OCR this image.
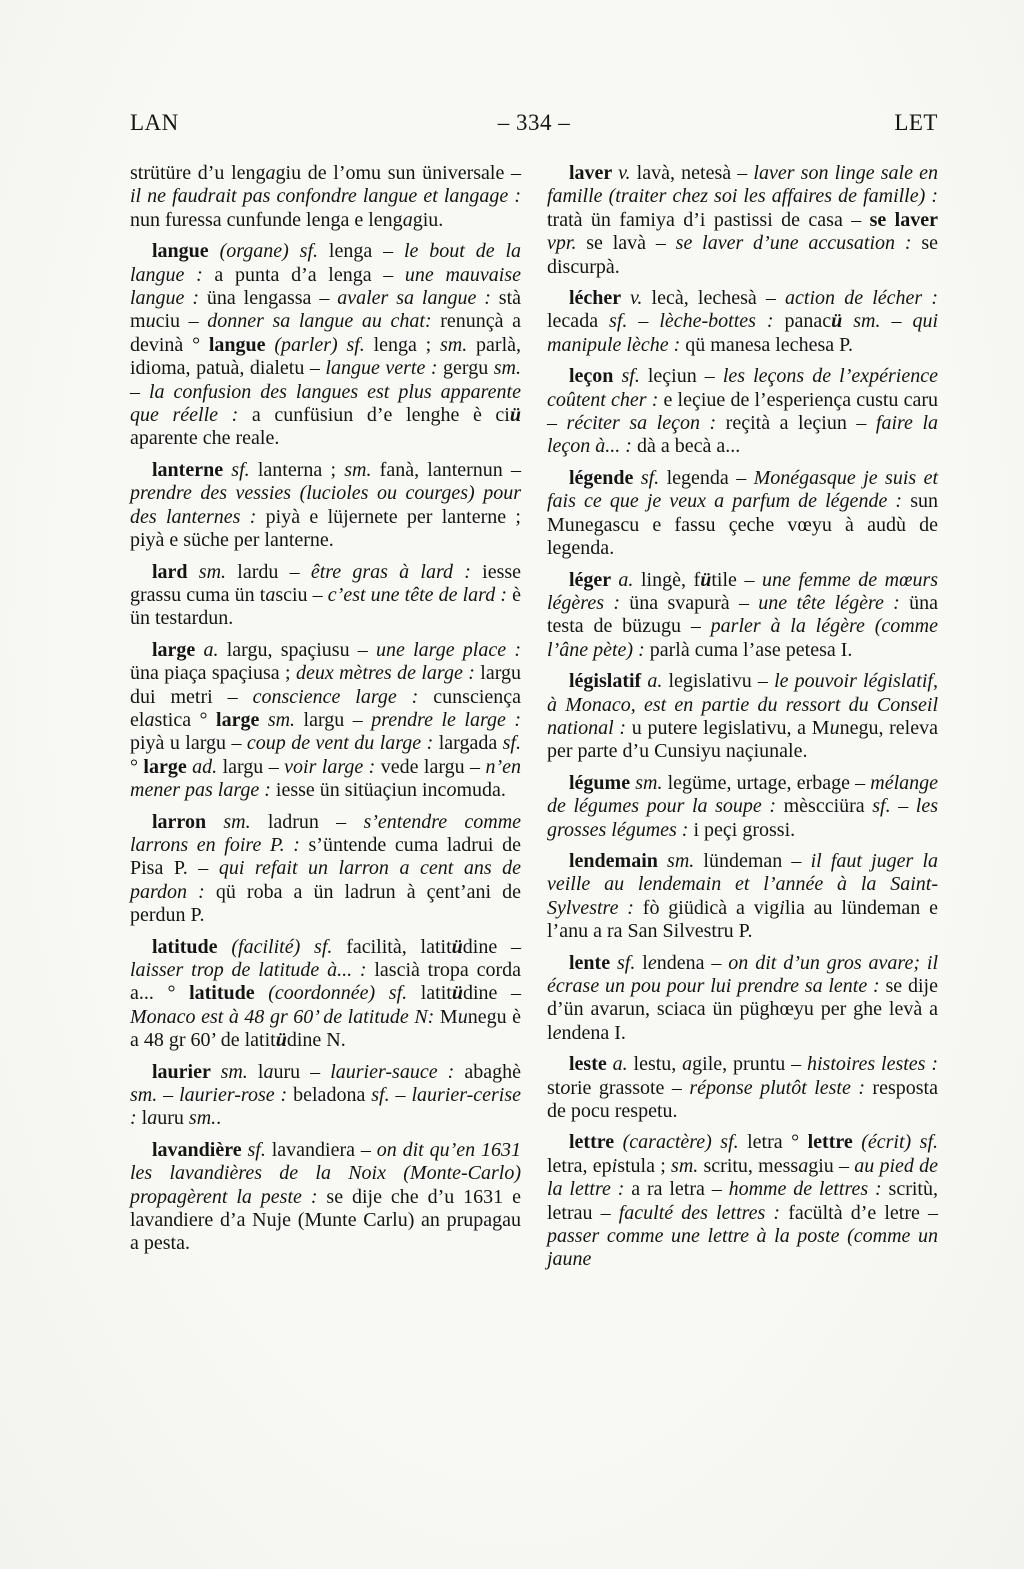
LAN	– 334 –	LET

strütüre d’u lengagiu de l’omu sun üniversale – il ne faudrait pas confondre langue et langage : nun furessa cunfunde lenga e lengagiu.

langue (organe) sf. lenga – le bout de la langue : a punta d’a lenga – une mauvaise langue : üna lengassa – avaler sa langue : stà muciu – donner sa langue au chat: renunçà a devinà ° langue (parler) sf. lenga ; sm. parlà, idioma, patuà, dialetu – langue verte : gergu sm. – la confusion des langues est plus apparente que réelle : a cunfüsiun d’e lenghe è ciü aparente che reale.

lanterne sf. lanterna ; sm. fanà, lanternun – prendre des vessies (lucioles ou courges) pour des lanternes : piyà e lüjernete per lanterne ; piyà e süche per lanterne.

lard sm. lardu – être gras à lard : iesse grassu cuma ün tasciu – c’est une tête de lard : è ün testardun.

large a. largu, spaçiusu – une large place : üna piaça spaçiusa ; deux mètres de large : largu dui metri – conscience large : cunsciença elastica ° large sm. largu – prendre le large : piyà u largu – coup de vent du large : largada sf. ° large ad. largu – voir large : vede largu – n’en mener pas large : iesse ün sitüaçiun incomuda.

larron sm. ladrun – s’entendre comme larrons en foire P. : s’üntende cuma ladrui de Pisa P. – qui refait un larron a cent ans de pardon : qü roba a ün ladrun à çent’ani de perdun P.

latitude (facilité) sf. facilità, latitüdine – laisser trop de latitude à... : lascià tropa corda a... ° latitude (coordonnée) sf. latitüdine – Monaco est à 48 gr 60’ de latitude N: Munegu è a 48 gr 60’ de latitüdine N.

laurier sm. lauru – laurier-sauce : abaghè sm. – laurier-rose : beladona sf. – laurier-cerise : lauru sm..

lavandière sf. lavandiera – on dit qu’en 1631 les lavandières de la Noix (Monte-Carlo) propagèrent la peste : se dije che d’u 1631 e lavandiere d’a Nuje (Munte Carlu) an prupagau a pesta.

laver v. lavà, netesà – laver son linge sale en famille (traiter chez soi les affaires de famille) : tratà ün famiya d’i pastissi de casa – se laver vpr. se lavà – se laver d’une accusation : se discurpà.

lécher v. lecà, lechesà – action de lécher : lecada sf. – lèche-bottes : panacü sm. – qui manipule lèche : qü manesa lechesa P.

leçon sf. leçiun – les leçons de l’expérience coûtent cher : e leçiue de l’esperiença custu caru – réciter sa leçon : reçità a leçiun – faire la leçon à... : dà a becà a...

légende sf. legenda – Monégasque je suis et fais ce que je veux a parfum de légende : sun Munegascu e fassu çeche vœyu à audù de legenda.

léger a. lingè, fütile – une femme de mœurs légères : üna svapurà – une tête légère : üna testa de büzugu – parler à la légère (comme l’âne pète) : parlà cuma l’ase petesa I.

législatif a. legislativu – le pouvoir législatif, à Monaco, est en partie du ressort du Conseil national : u putere legislativu, a Munegu, releva per parte d’u Cunsiyu naçiunale.

légume sm. legüme, urtage, erbage – mélange de légumes pour la soupe : mèscciüra sf. – les grosses légumes : i peçi grossi.

lendemain sm. lündeman – il faut juger la veille au lendemain et l’année à la Saint-Sylvestre : fò giüdicà a vigilia au lündeman e l’anu a ra San Silvestru P.

lente sf. lendena – on dit d’un gros avare; il écrase un pou pour lui prendre sa lente : se dije d’ün avarun, sciaca ün püghœyu per ghe levà a lendena I.

leste a. lestu, agile, pruntu – histoires lestes : storie grassote – réponse plutôt leste : resposta de pocu respetu.

lettre (caractère) sf. letra ° lettre (écrit) sf. letra, epistula ; sm. scritu, messagiu – au pied de la lettre : a ra letra – homme de lettres : scritù, letrau – faculté des lettres : facültà d’e letre – passer comme une lettre à la poste (comme un jaune
